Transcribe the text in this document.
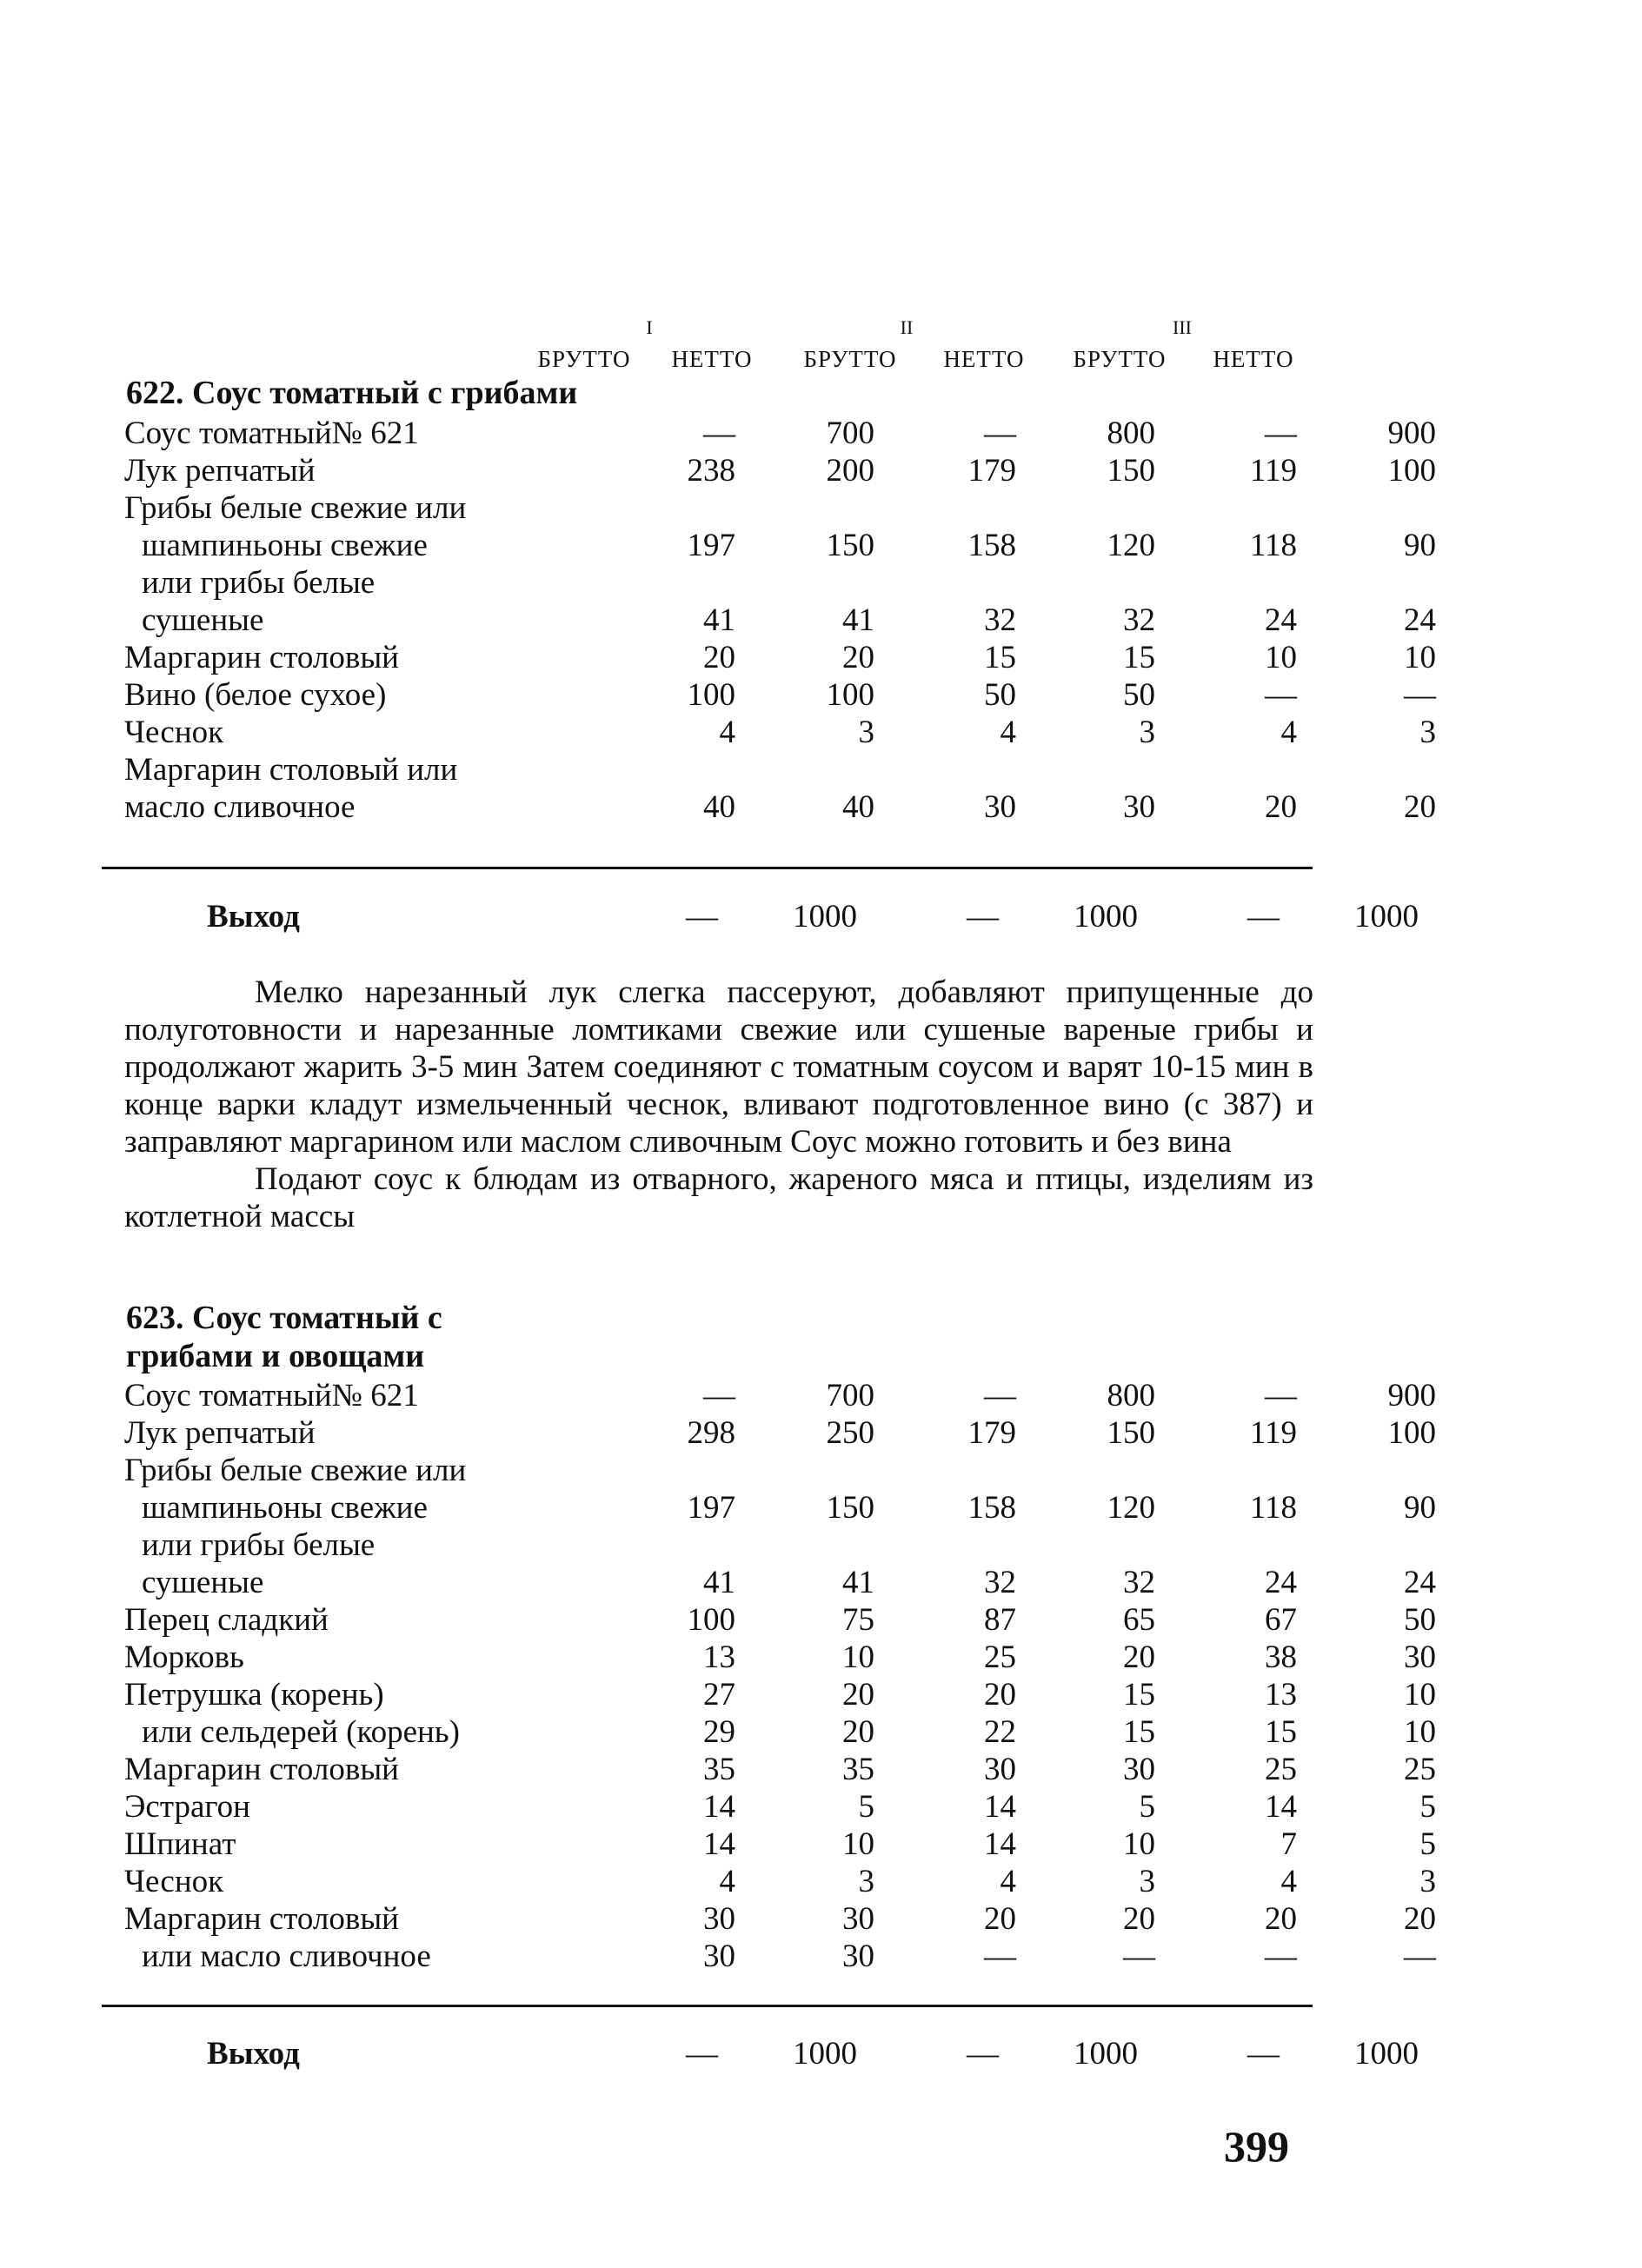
I	II	III
БРУТТО	НЕТТО	БРУТТО	НЕТТО	БРУТТО	НЕТТО
622. Соус томатный с грибами
Соус томатный№ 621	—	700	—	800	—	900
Лук репчатый	238	200	179	150	119	100
Грибы белые свежие или						
шампиньоны свежие	197	150	158	120	118	90
или грибы белые						
сушеные	41	41	32	32	24	24
Маргарин столовый	20	20	15	15	10	10
Вино (белое сухое)	100	100	50	50	—	—
Чеснок	4	3	4	3	4	3
Маргарин столовый или						
масло сливочное	40	40	30	30	20	20
Выход	—	1000	—	1000	—	1000

Мелко нарезанный лук слегка пассеруют, добавляют припущенные до полуготовности и нарезанные ломтиками свежие или сушеные вареные грибы и продолжают жарить 3-5 мин Затем соединяют с томатным соусом и варят 10-15 мин в конце варки кладут измельченный чеснок, вливают подготовленное вино (с 387) и заправляют маргарином или маслом сливочным Соус можно готовить и без вина

Подают соус к блюдам из отварного, жареного мяса и птицы, изделиям из котлетной массы

623. Соус томатный с
грибами и овощами
Соус томатный№ 621	—	700	—	800	—	900
Лук репчатый	298	250	179	150	119	100
Грибы белые свежие или						
шампиньоны свежие	197	150	158	120	118	90
или грибы белые						
сушеные	41	41	32	32	24	24
Перец сладкий	100	75	87	65	67	50
Морковь	13	10	25	20	38	30
Петрушка (корень)	27	20	20	15	13	10
или сельдерей (корень)	29	20	22	15	15	10
Маргарин столовый	35	35	30	30	25	25
Эстрагон	14	5	14	5	14	5
Шпинат	14	10	14	10	7	5
Чеснок	4	3	4	3	4	3
Маргарин столовый	30	30	20	20	20	20
или масло сливочное	30	30	—	—	—	—
Выход	—	1000	—	1000	—	1000
399
